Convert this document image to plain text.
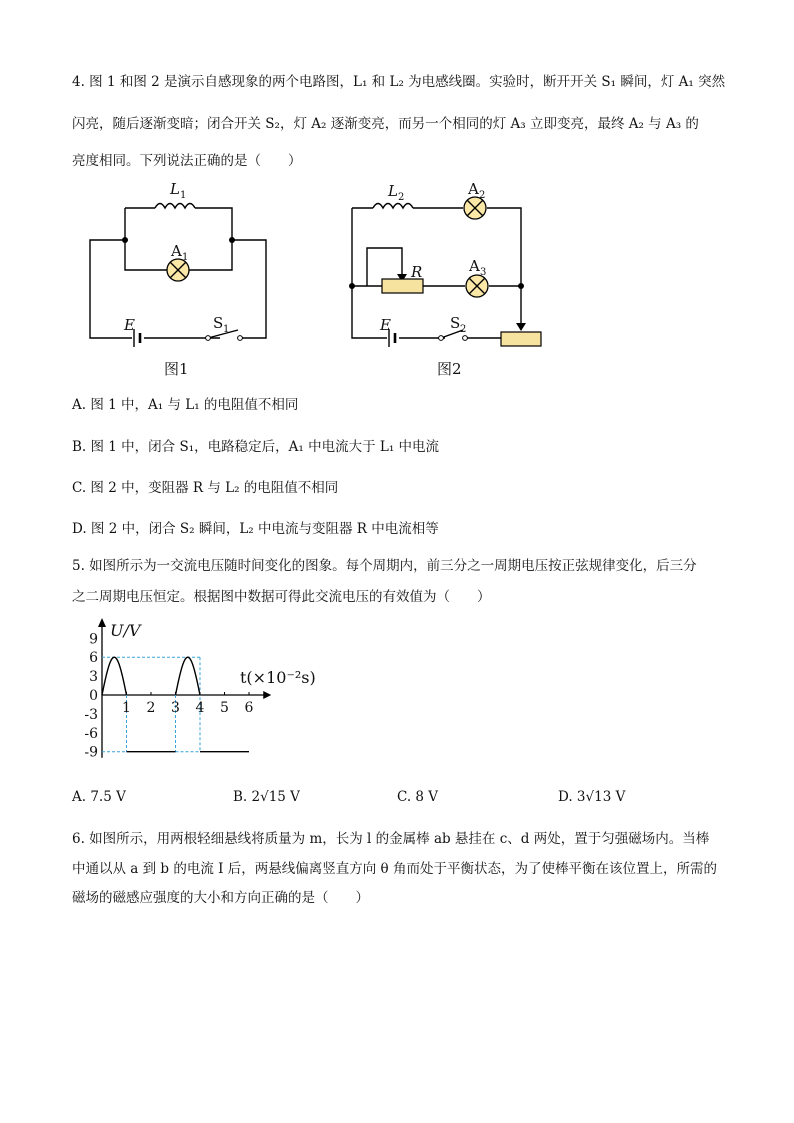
4. 图 1 和图 2 是演示自感现象的两个电路图，L₁ 和 L₂ 为电感线圈。实验时，断开开关 S₁ 瞬间，灯 A₁ 突然
闪亮，随后逐渐变暗；闭合开关 S₂，灯 A₂ 逐渐变亮，而另一个相同的灯 A₃ 立即变亮，最终 A₂ 与 A₃ 的
亮度相同。下列说法正确的是（　　）
L 1
A 1
E	S 1
图1
L 2	A 2
R	A 3
E	S 2
图2
A. 图 1 中，A₁ 与 L₁ 的电阻值不相同
B. 图 1 中，闭合 S₁，电路稳定后，A₁ 中电流大于 L₁ 中电流
C. 图 2 中，变阻器 R 与 L₂ 的电阻值不相同
D. 图 2 中，闭合 S₂ 瞬间，L₂ 中电流与变阻器 R 中电流相等
5. 如图所示为一交流电压随时间变化的图象。每个周期内，前三分之一周期电压按正弦规律变化，后三分
之二周期电压恒定。根据图中数据可得此交流电压的有效值为（　　）
U/V
t(×10⁻²s)
9
6
3
0
-3
-6
-9
1 2 3 4 5 6
A. 7.5 V	B. 2√15 V	C. 8 V	D. 3√13 V
6. 如图所示，用两根轻细悬线将质量为 m，长为 l 的金属棒 ab 悬挂在 c、d 两处，置于匀强磁场内。当棒
中通以从 a 到 b 的电流 I 后，两悬线偏离竖直方向 θ 角而处于平衡状态，为了使棒平衡在该位置上，所需的
磁场的磁感应强度的大小和方向正确的是（　　）
